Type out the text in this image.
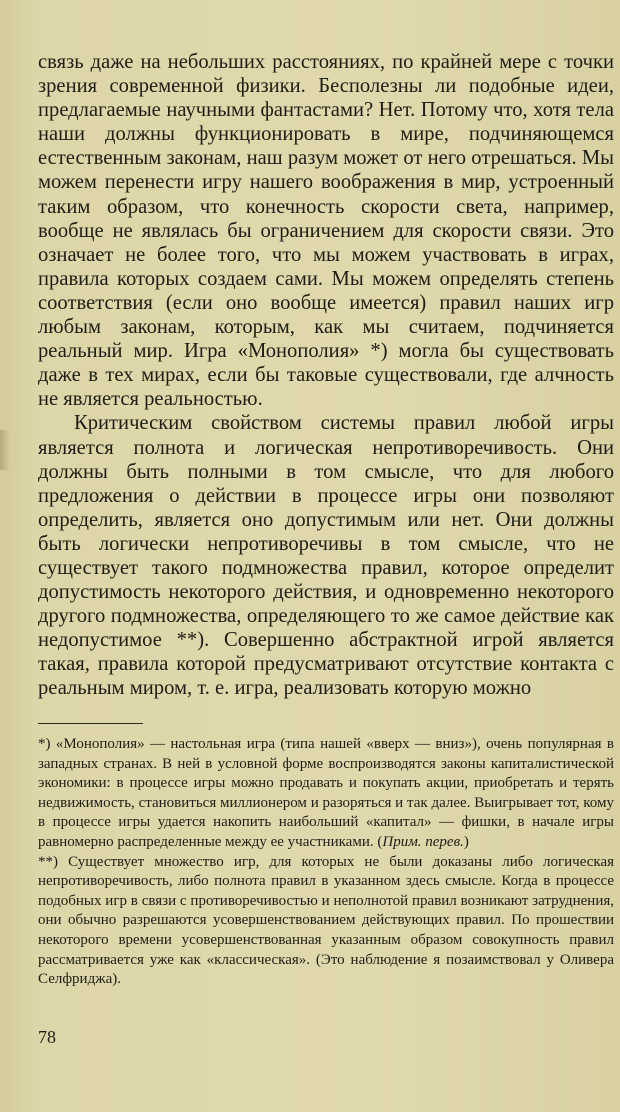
связь даже на небольших расстояниях, по крайней мере с точки зрения современной физики. Бесполезны ли подобные идеи, предлагаемые научными фантастами? Нет. Потому что, хотя тела наши должны функционировать в мире, подчиняющемся естественным законам, наш разум может от него отрешаться. Мы можем перенести игру нашего воображения в мир, устроенный таким образом, что конечность скорости света, например, вообще не являлась бы ограничением для скорости связи. Это означает не более того, что мы можем участвовать в играх, правила которых создаем сами. Мы можем определять степень соответствия (если оно вообще имеется) правил наших игр любым законам, которым, как мы считаем, подчиняется реальный мир. Игра «Монополия» *) могла бы существовать даже в тех мирах, если бы таковые существовали, где алчность не является реальностью.

Критическим свойством системы правил любой игры является полнота и логическая непротиворечивость. Они должны быть полными в том смысле, что для любого предложения о действии в процессе игры они позволяют определить, является оно допустимым или нет. Они должны быть логически непротиворечивы в том смысле, что не существует такого подмножества правил, которое определит допустимость некоторого действия, и одновременно некоторого другого подмножества, определяющего то же самое действие как недопустимое **). Совершенно абстрактной игрой является такая, правила которой предусматривают отсутствие контакта с реальным миром, т. е. игра, реализовать которую можно

*) «Монополия» — настольная игра (типа нашей «вверх — вниз»), очень популярная в западных странах. В ней в условной форме воспроизводятся законы капиталистической экономики: в процессе игры можно продавать и покупать акции, приобретать и терять недвижимость, становиться миллионером и разоряться и так далее. Выигрывает тот, кому в процессе игры удается накопить наибольший «капитал» — фишки, в начале игры равномерно распределенные между ее участниками. (Прим. перев.)

**) Существует множество игр, для которых не были доказаны либо логическая непротиворечивость, либо полнота правил в указанном здесь смысле. Когда в процессе подобных игр в связи с противоречивостью и неполнотой правил возникают затруднения, они обычно разрешаются усовершенствованием действующих правил. По прошествии некоторого времени усовершенствованная указанным образом совокупность правил рассматривается уже как «классическая». (Это наблюдение я позаимствовал у Оливера Селфриджа).

78
